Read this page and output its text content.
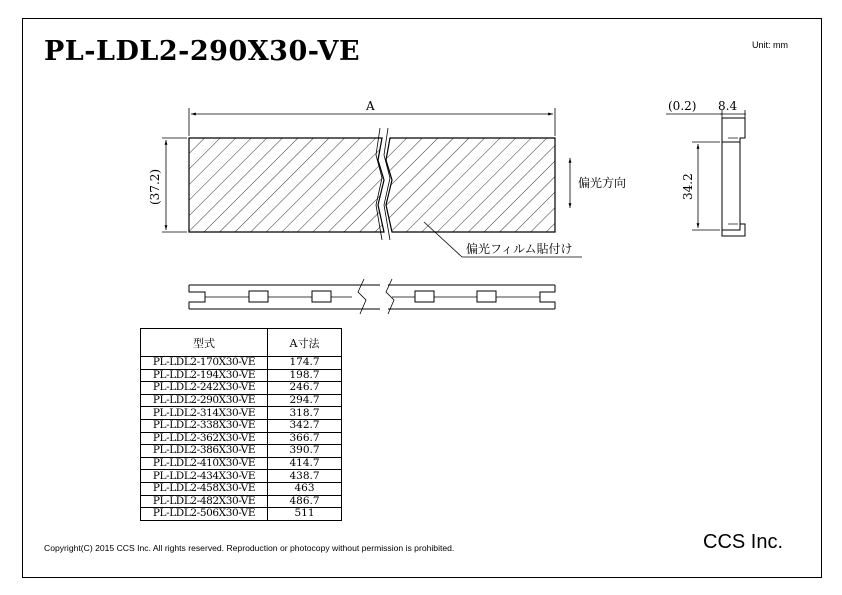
PL-LDL2-290X30-VE	Unit: mm
A
(37.2)	偏光方向
偏光フィルム貼付け
(0.2) 8.4
34.2
型式	A寸法
PL-LDL2-170X30-VE	174.7
PL-LDL2-194X30-VE	198.7
PL-LDL2-242X30-VE	246.7
PL-LDL2-290X30-VE	294.7
PL-LDL2-314X30-VE	318.7
PL-LDL2-338X30-VE	342.7
PL-LDL2-362X30-VE	366.7
PL-LDL2-386X30-VE	390.7
PL-LDL2-410X30-VE	414.7
PL-LDL2-434X30-VE	438.7
PL-LDL2-458X30-VE	463
PL-LDL2-482X30-VE	486.7
PL-LDL2-506X30-VE	511
Copyright(C) 2015 CCS Inc. All rights reserved. Reproduction or photocopy without permission is prohibited.	CCS Inc.
